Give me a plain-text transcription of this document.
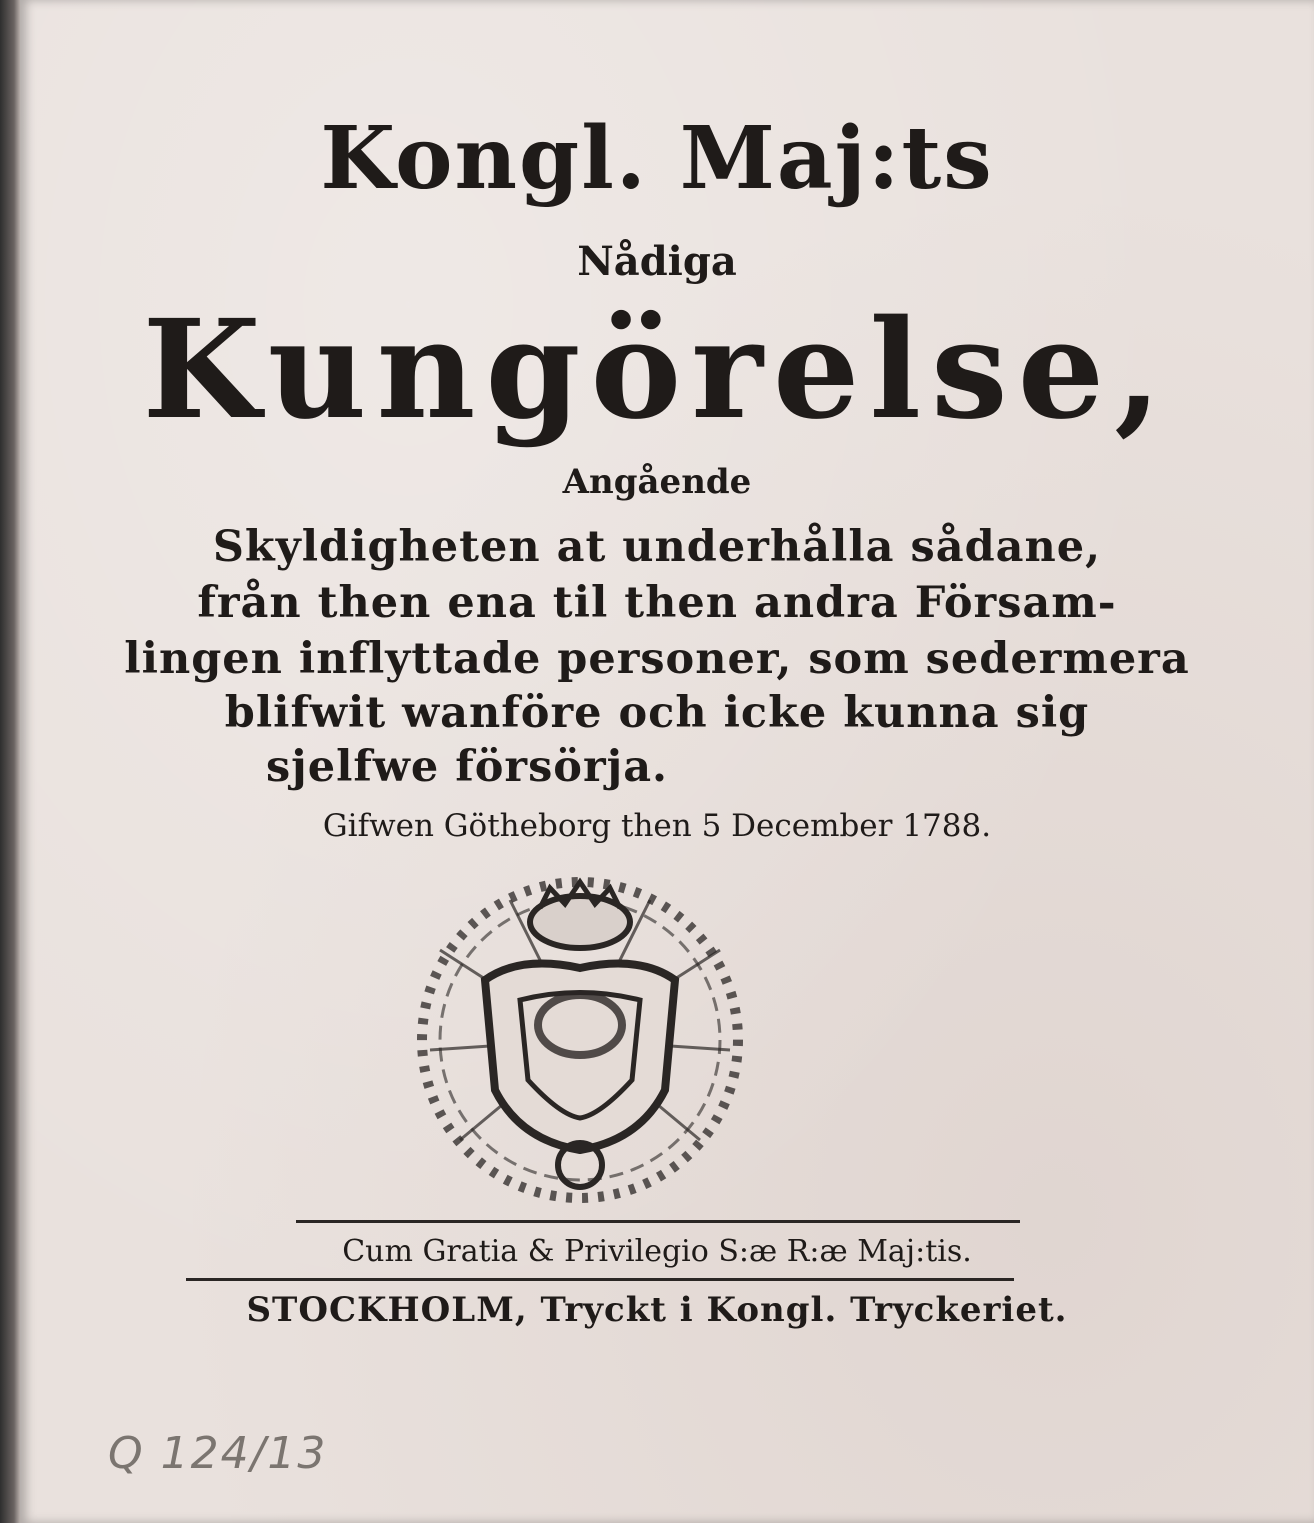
Kongl. Maj:ts
Nådiga
Kungörelse,
Angående
Skyldigheten at underhålla sådane,
från then ena til then andra Försam-
lingen inflyttade personer, som sedermera
blifwit wanföre och icke kunna sig
sjelfwe försörja.
Gifwen Götheborg then 5 December 1788.
Cum Gratia & Privilegio S:æ R:æ Maj:tis.
STOCKHOLM, Tryckt i Kongl. Tryckeriet.
Q 124/13
